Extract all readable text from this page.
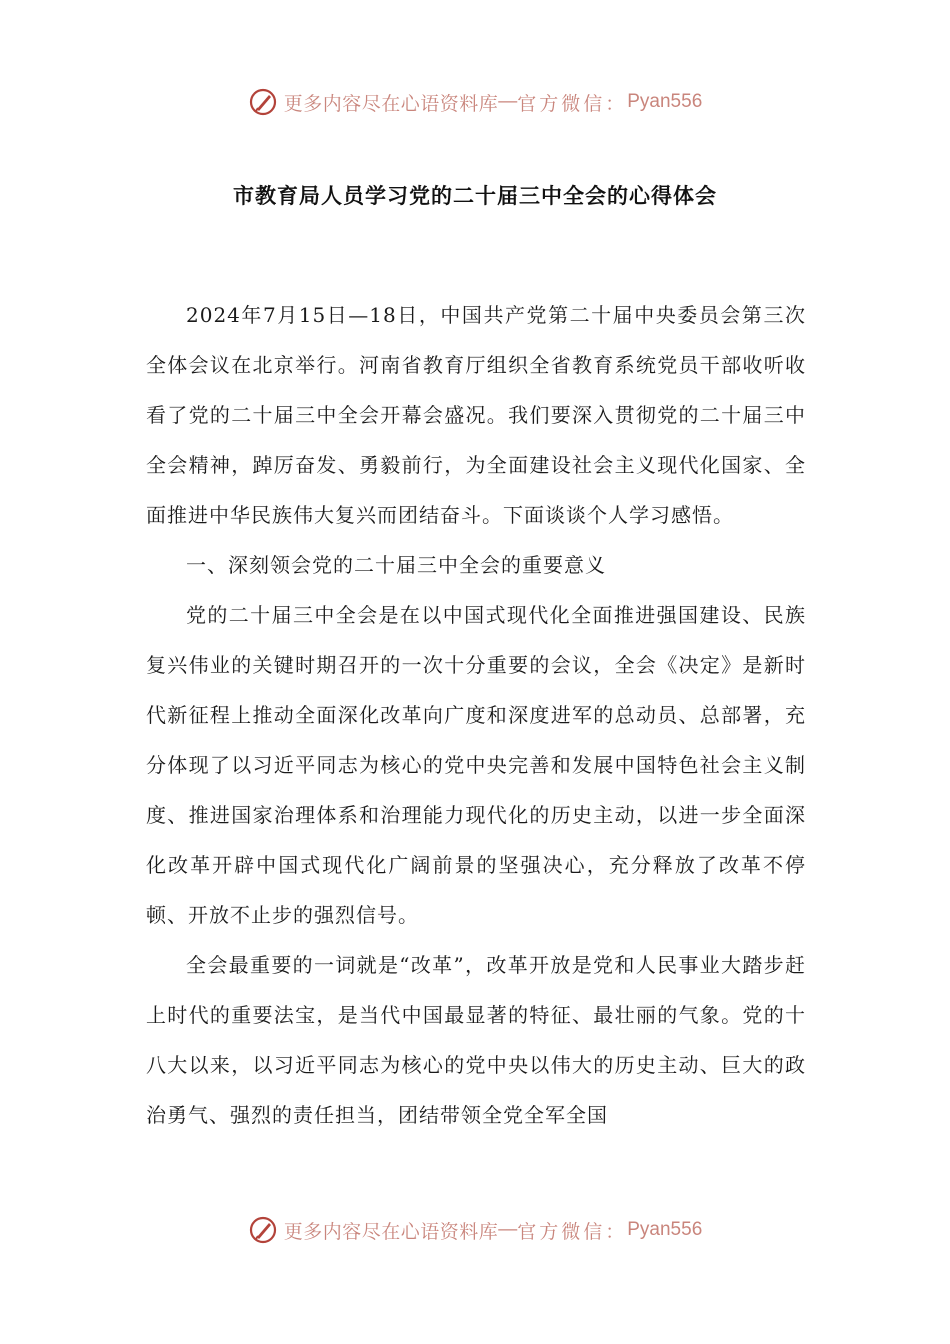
更多内容尽在心语资料库 — 官方微信： Pyan556
市教育局人员学习党的二十届三中全会的心得体会

2024年7月15日—18日，中国共产党第二十届中央委员会第三次全体会议在北京举行。河南省教育厅组织全省教育系统党员干部收听收看了党的二十届三中全会开幕会盛况。我们要深入贯彻党的二十届三中全会精神，踔厉奋发、勇毅前行，为全面建设社会主义现代化国家、全面推进中华民族伟大复兴而团结奋斗。下面谈谈个人学习感悟。

一、深刻领会党的二十届三中全会的重要意义

党的二十届三中全会是在以中国式现代化全面推进强国建设、民族复兴伟业的关键时期召开的一次十分重要的会议，全会《决定》是新时代新征程上推动全面深化改革向广度和深度进军的总动员、总部署，充分体现了以习近平同志为核心的党中央完善和发展中国特色社会主义制度、推进国家治理体系和治理能力现代化的历史主动，以进一步全面深化改革开辟中国式现代化广阔前景的坚强决心，充分释放了改革不停顿、开放不止步的强烈信号。

全会最重要的一词就是“改革”，改革开放是党和人民事业大踏步赶上时代的重要法宝，是当代中国最显著的特征、最壮丽的气象。党的十八大以来，以习近平同志为核心的党中央以伟大的历史主动、巨大的政治勇气、强烈的责任担当，团结带领全党全军全国

更多内容尽在心语资料库 — 官方微信： Pyan556
